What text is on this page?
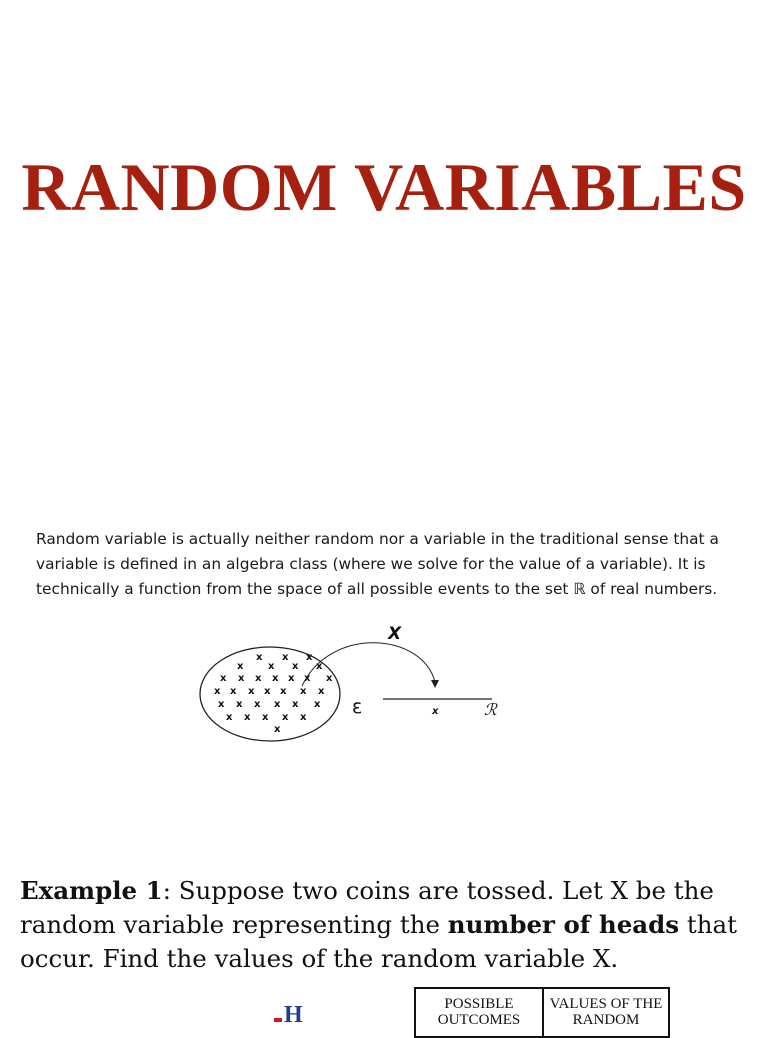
RANDOM VARIABLES
Random variable is actually neither random nor a variable in the traditional sense that a variable is defined in an algebra class (where we solve for the value of a variable). It is technically a function from the space of all possible events to the set ℝ of real numbers.
x x x
x x x x
x x x x x x x
x x x x x x x
x x x x x x
x x x x x
x
X
ε	x	ℛ
Example 1: Suppose two coins are tossed. Let X be the random variable representing the number of heads that occur. Find the values of the random variable X.
H	POSSIBLE OUTCOMES	VALUES OF THE RANDOM
